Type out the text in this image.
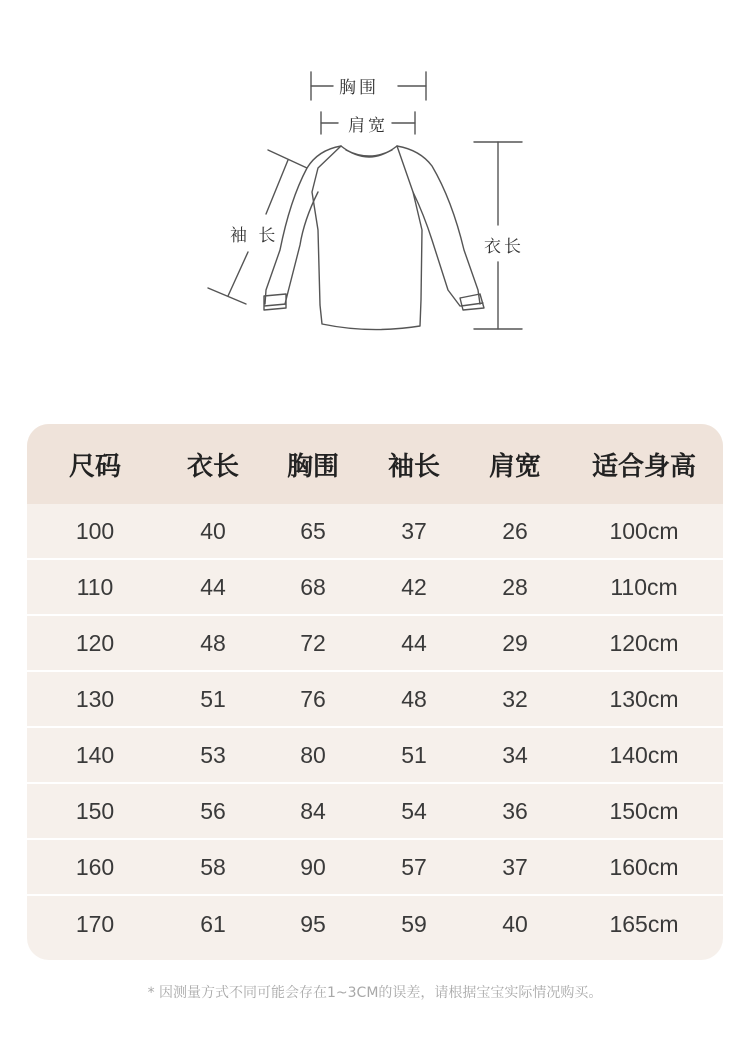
胸围
肩宽
袖 长
衣长
尺码	衣长	胸围	袖长	肩宽	适合身高
100	40	65	37	26	100cm
110	44	68	42	28	110cm
120	48	72	44	29	120cm
130	51	76	48	32	130cm
140	53	80	51	34	140cm
150	56	84	54	36	150cm
160	58	90	57	37	160cm
170	61	95	59	40	165cm
* 因测量方式不同可能会存在1~3CM的误差，请根据宝宝实际情况购买。
